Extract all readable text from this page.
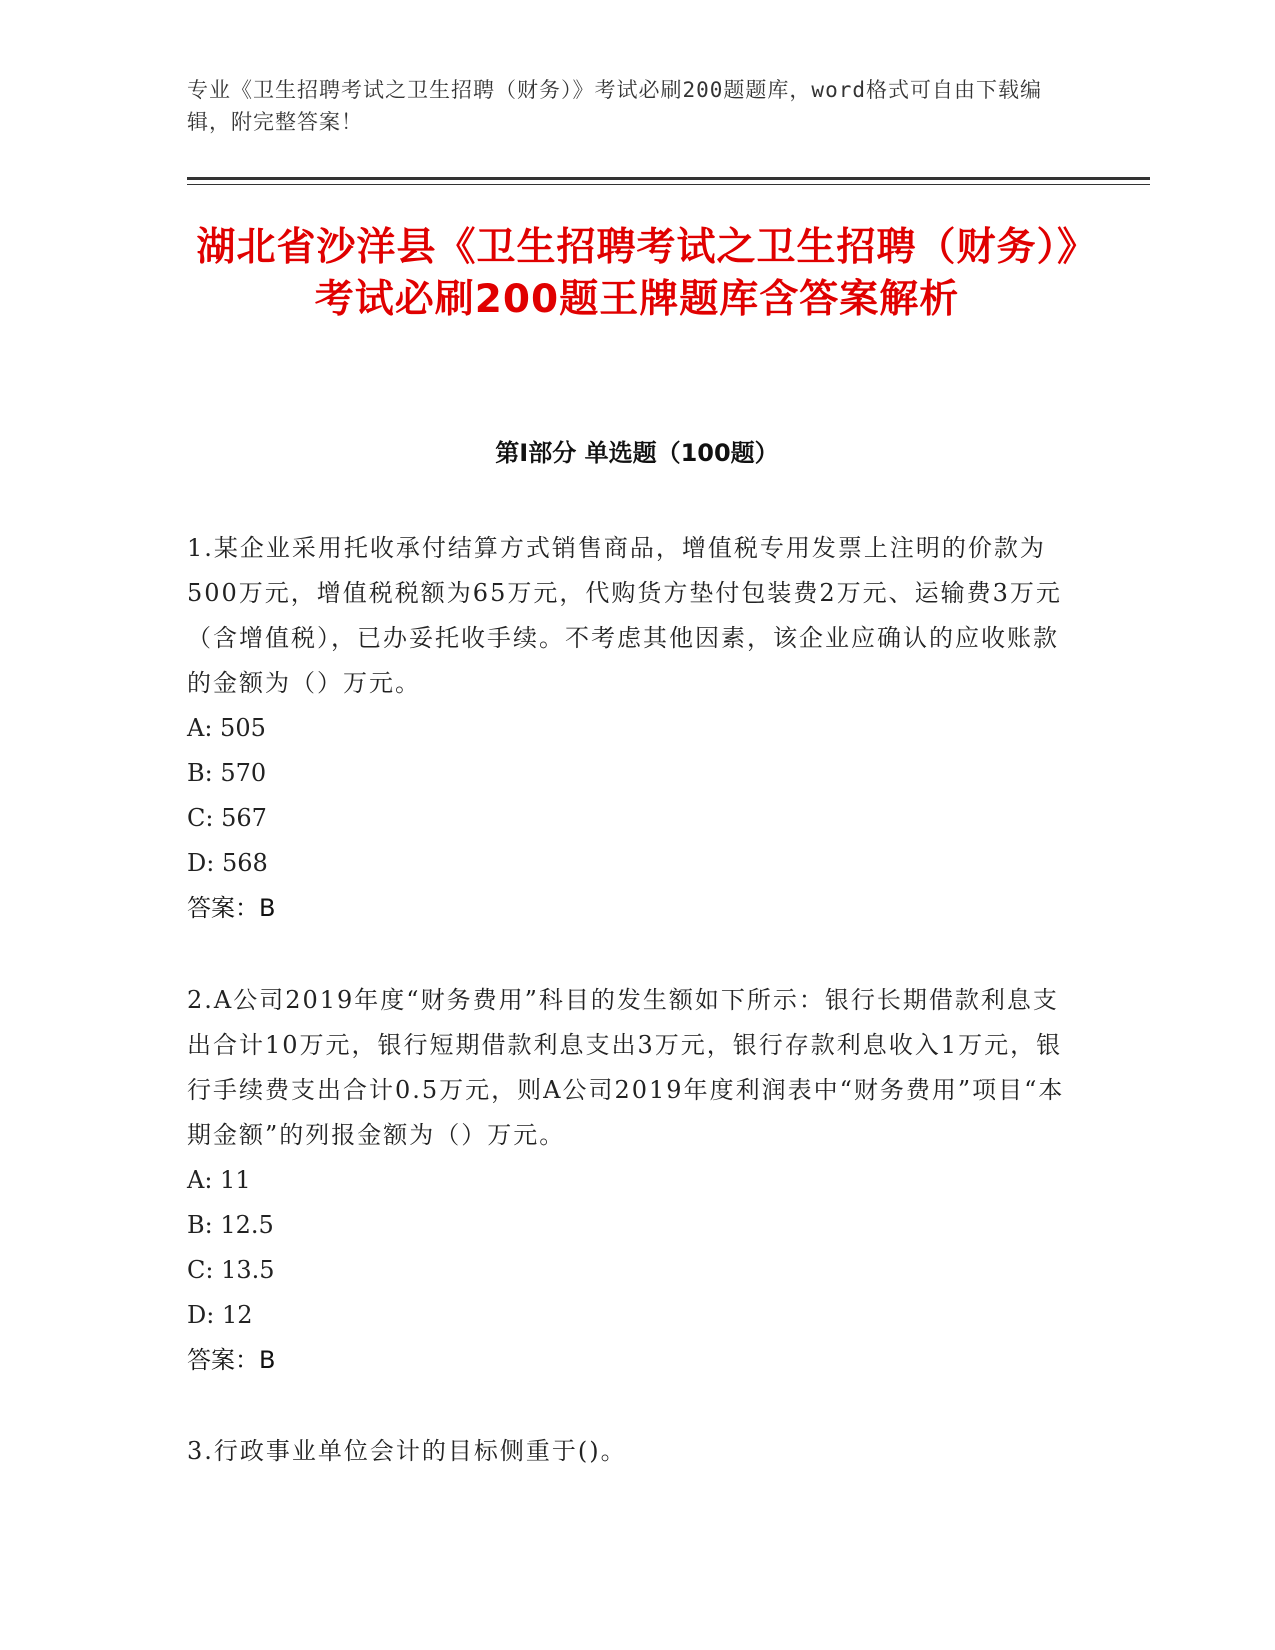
专业《卫生招聘考试之卫生招聘（财务）》考试必刷200题题库，word格式可自由下载编辑，附完整答案！
湖北省沙洋县《卫生招聘考试之卫生招聘（财务）》考试必刷200题王牌题库含答案解析
第I部分 单选题（100题）

1.某企业采用托收承付结算方式销售商品，增值税专用发票上注明的价款为500万元，增值税税额为65万元，代购货方垫付包装费2万元、运输费3万元（含增值税），已办妥托收手续。不考虑其他因素，该企业应确认的应收账款的金额为（）万元。

A: 505

B: 570

C: 567

D: 568

答案：B

2.A公司2019年度“财务费用”科目的发生额如下所示：银行长期借款利息支出合计10万元，银行短期借款利息支出3万元，银行存款利息收入1万元，银行手续费支出合计0.5万元，则A公司2019年度利润表中“财务费用”项目“本期金额”的列报金额为（）万元。

A: 11

B: 12.5

C: 13.5

D: 12

答案：B

3.行政事业单位会计的目标侧重于()。
